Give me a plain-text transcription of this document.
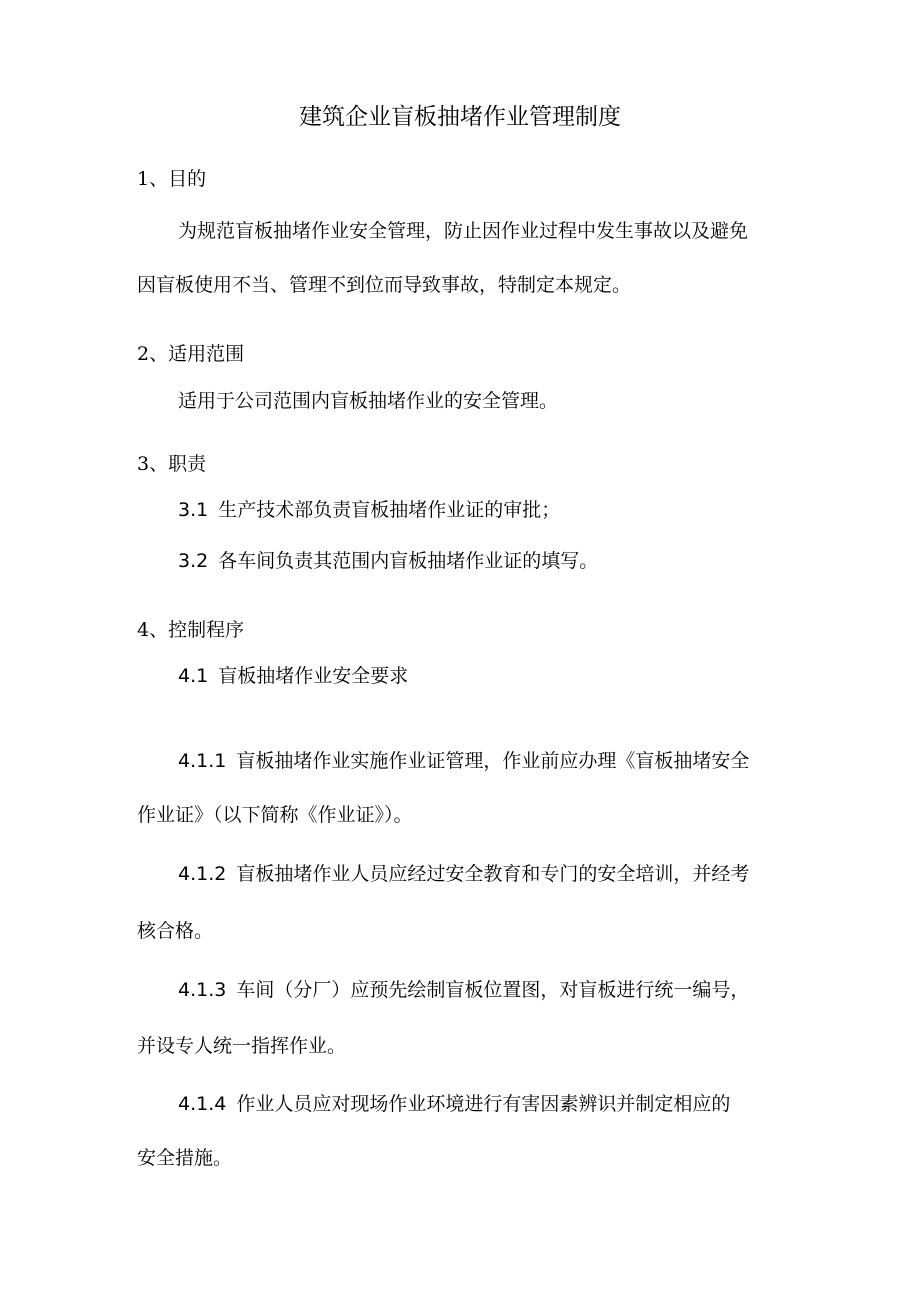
建筑企业盲板抽堵作业管理制度
1、目的
为规范盲板抽堵作业安全管理，防止因作业过程中发生事故以及避免
因盲板使用不当、管理不到位而导致事故，特制定本规定。
2、适用范围
适用于公司范围内盲板抽堵作业的安全管理。
3、职责
3.1 生产技术部负责盲板抽堵作业证的审批；
3.2 各车间负责其范围内盲板抽堵作业证的填写。
4、控制程序
4.1 盲板抽堵作业安全要求
4.1.1 盲板抽堵作业实施作业证管理，作业前应办理《盲板抽堵安全
作业证》（以下简称《作业证》）。
4.1.2 盲板抽堵作业人员应经过安全教育和专门的安全培训，并经考
核合格。
4.1.3 车间（分厂）应预先绘制盲板位置图，对盲板进行统一编号，
并设专人统一指挥作业。
4.1.4 作业人员应对现场作业环境进行有害因素辨识并制定相应的
安全措施。
